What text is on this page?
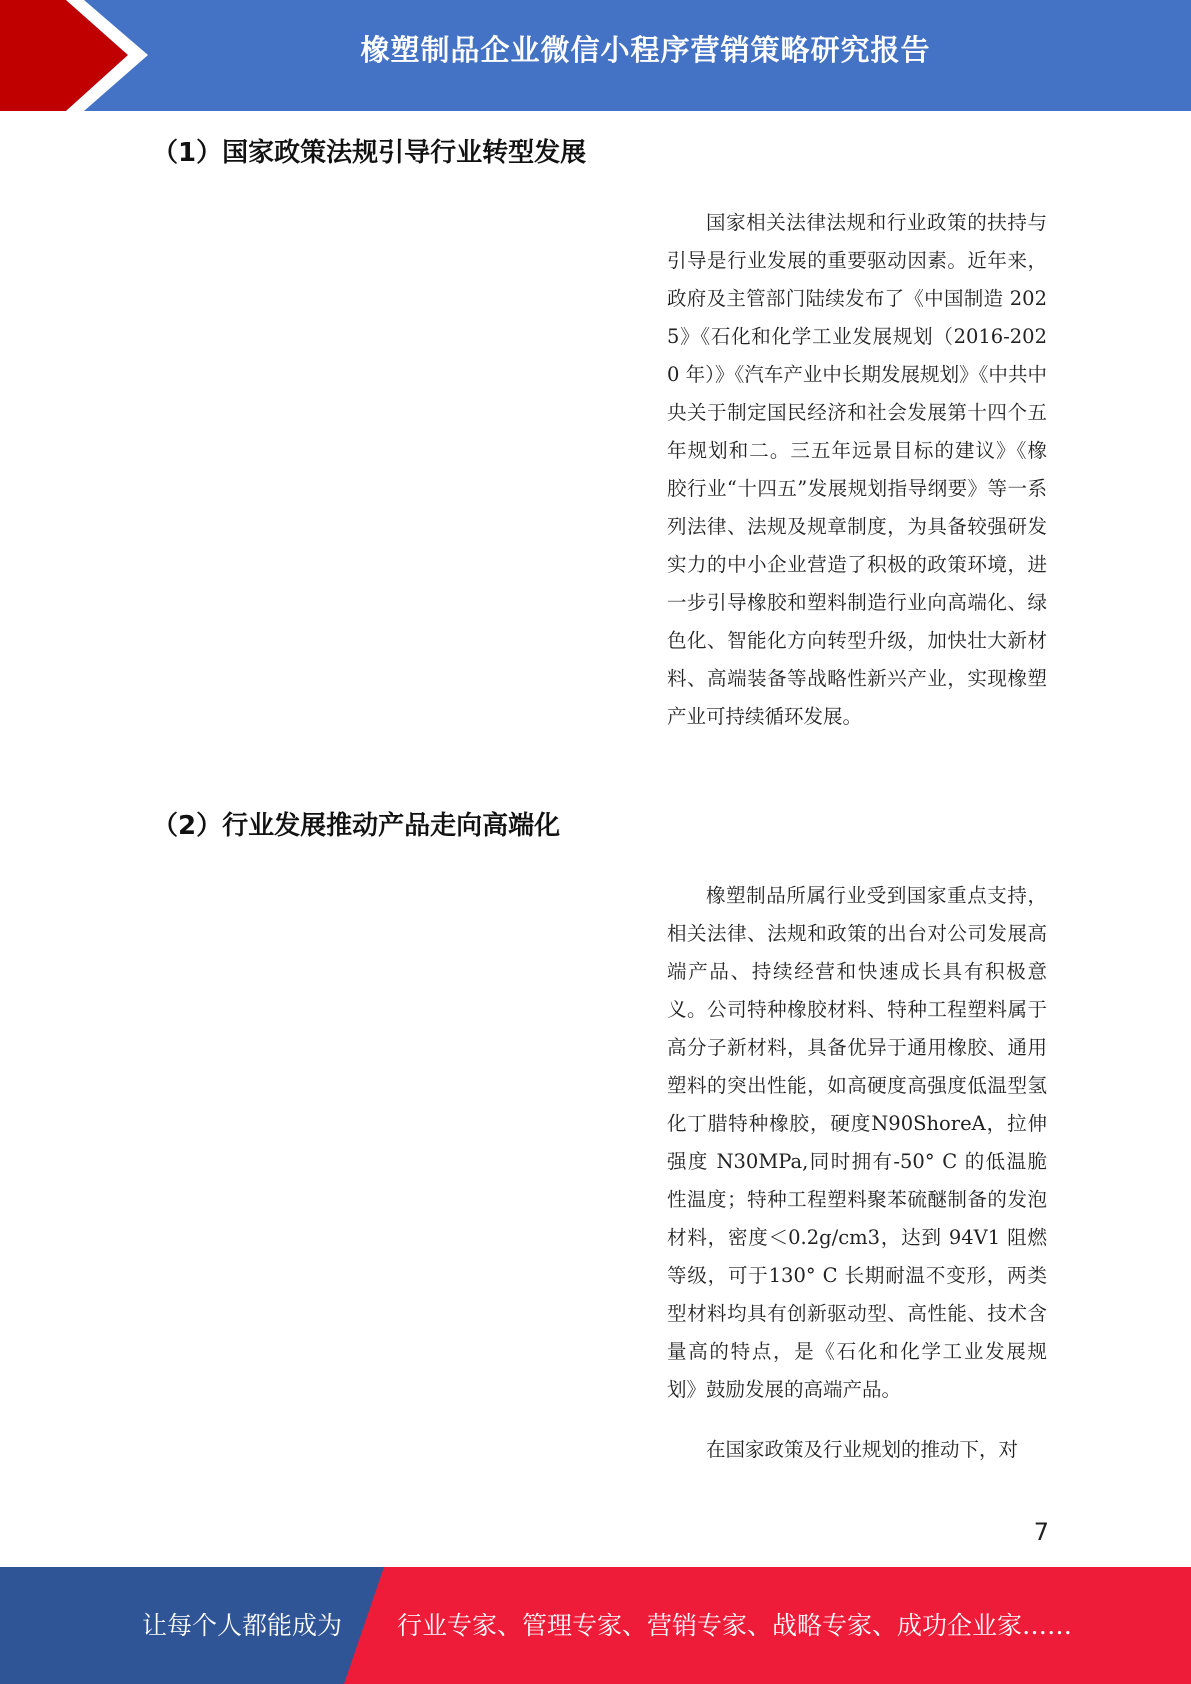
橡塑制品企业微信小程序营销策略研究报告
（1）国家政策法规引导行业转型发展

国家相关法律法规和行业政策的扶持与引导是行业发展的重要驱动因素。近年来，政府及主管部门陆续发布了《中国制造 2025》《石化和化学工业发展规划（2016-2020 年）》《汽车产业中长期发展规划》《中共中央关于制定国民经济和社会发展第十四个五年规划和二。三五年远景目标的建议》《橡胶行业“十四五”发展规划指导纲要》等一系列法律、法规及规章制度，为具备较强研发实力的中小企业营造了积极的政策环境，进一步引导橡胶和塑料制造行业向高端化、绿色化、智能化方向转型升级，加快壮大新材料、高端装备等战略性新兴产业，实现橡塑产业可持续循环发展。

（2）行业发展推动产品走向高端化

橡塑制品所属行业受到国家重点支持，相关法律、法规和政策的出台对公司发展高端产品、持续经营和快速成长具有积极意义。公司特种橡胶材料、特种工程塑料属于高分子新材料，具备优异于通用橡胶、通用塑料的突出性能，如高硬度高强度低温型氢化丁腊特种橡胶，硬度N90ShoreA，拉伸强度 N30MPa,同时拥有-50° C 的低温脆性温度；特种工程塑料聚苯硫醚制备的发泡材料，密度＜0.2g/cm3，达到 94V1 阻燃等级，可于130° C 长期耐温不变形，两类型材料均具有创新驱动型、高性能、技术含量高的特点，是《石化和化学工业发展规划》鼓励发展的高端产品。

在国家政策及行业规划的推动下，对

7
让每个人都能成为 行业专家、管理专家、营销专家、战略专家、成功企业家……
